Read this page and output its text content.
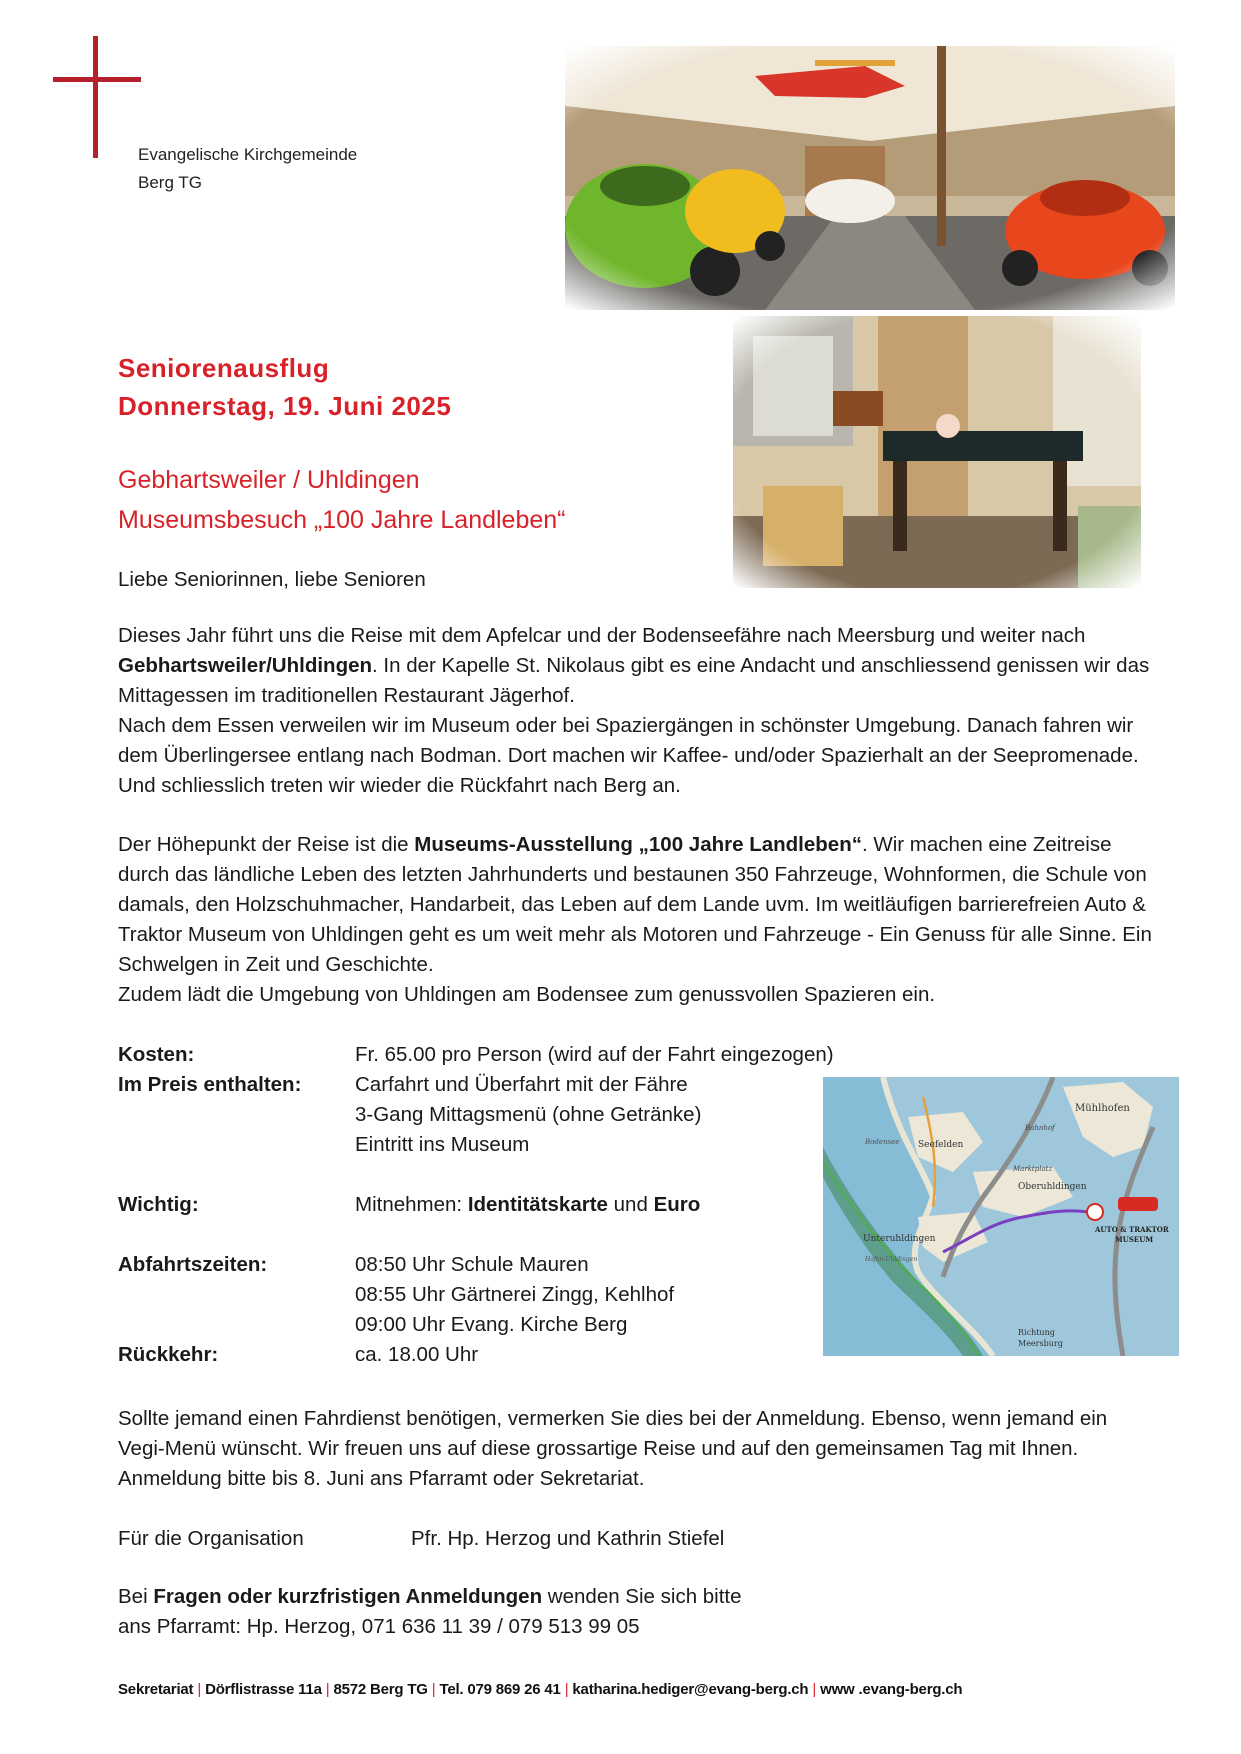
Evangelische Kirchgemeinde
Berg TG
Seniorenausflug
Donnerstag, 19. Juni 2025
Gebhartsweiler / Uhldingen
Museumsbesuch „100 Jahre Landleben“
Liebe Seniorinnen, liebe Senioren
Dieses Jahr führt uns die Reise mit dem Apfelcar und der Bodenseefähre nach Meersburg und weiter nach Gebhartsweiler/Uhldingen. In der Kapelle St. Nikolaus gibt es eine Andacht und anschliessend genissen wir das Mittagessen im traditionellen Restaurant Jägerhof.
Nach dem Essen verweilen wir im Museum oder bei Spaziergängen in schönster Umgebung. Danach fahren wir dem Überlingersee entlang nach Bodman. Dort machen wir Kaffee- und/oder Spazierhalt an der Seepromenade. Und schliesslich treten wir wieder die Rückfahrt nach Berg an.
Der Höhepunkt der Reise ist die Museums-Ausstellung „100 Jahre Landleben“. Wir machen eine Zeitreise durch das ländliche Leben des letzten Jahrhunderts und bestaunen 350 Fahrzeuge, Wohnformen, die Schule von damals, den Holzschuhmacher, Handarbeit, das Leben auf dem Lande uvm. Im weitläufigen barrierefreien Auto & Traktor Museum von Uhldingen geht es um weit mehr als Motoren und Fahrzeuge - Ein Genuss für alle Sinne. Ein Schwelgen in Zeit und Geschichte.
Zudem lädt die Umgebung von Uhldingen am Bodensee zum genussvollen Spazieren ein.
Kosten:	Fr. 65.00 pro Person (wird auf der Fahrt eingezogen)
Im Preis enthalten:	Carfahrt und Überfahrt mit der Fähre
3-Gang Mittagsmenü (ohne Getränke)
Eintritt ins Museum
Wichtig:	Mitnehmen: Identitätskarte und Euro
Abfahrtszeiten:	08:50 Uhr Schule Mauren
08:55 Uhr Gärtnerei Zingg, Kehlhof
09:00 Uhr Evang. Kirche Berg
Rückkehr:	ca. 18.00 Uhr
Mühlhofen
Seefelden
Bodensee
Bahnhof
Marktplatz
Oberuhldingen
Unteruhldingen
Hafen-Uhldingen
Richtung
Meersburg
AUTO & TRAKTOR
MUSEUM
Sollte jemand einen Fahrdienst benötigen, vermerken Sie dies bei der Anmeldung. Ebenso, wenn jemand ein Vegi-Menü wünscht. Wir freuen uns auf diese grossartige Reise und auf den gemeinsamen Tag mit Ihnen. Anmeldung bitte bis 8. Juni ans Pfarramt oder Sekretariat.
Für die Organisation	Pfr. Hp. Herzog und Kathrin Stiefel
Bei Fragen oder kurzfristigen Anmeldungen wenden Sie sich bitte
ans Pfarramt: Hp. Herzog, 071 636 11 39 / 079 513 99 05
Sekretariat | Dörflistrasse 11a | 8572 Berg TG | Tel. 079 869 26 41 | katharina.hediger@evang-berg.ch | www .evang-berg.ch
